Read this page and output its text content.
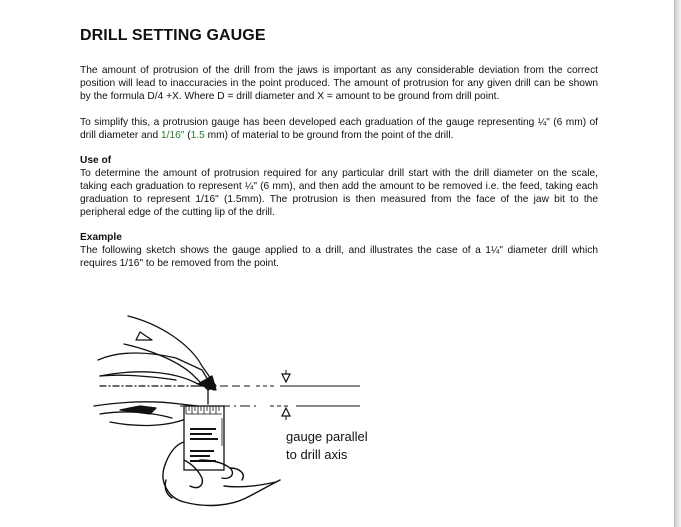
DRILL SETTING GAUGE

The amount of protrusion of the drill from the jaws is important as any considerable deviation from the correct position will lead to inaccuracies in the point produced. The amount of protrusion for any given drill can be shown by the formula D/4 +X. Where D = drill diameter and X = amount to be ground from drill point.

To simplify this, a protrusion gauge has been developed each graduation of the gauge representing ¼" (6 mm) of drill diameter and 1/16" (1.5 mm) of material to be ground from the point of the drill.

Use of

To determine the amount of protrusion required for any particular drill start with the drill diameter on the scale, taking each graduation to represent ¼" (6 mm), and then add the amount to be removed i.e. the feed, taking each graduation to represent 1/16" (1.5mm). The protrusion is then measured from the face of the jaw bit to the peripheral edge of the cutting lip of the drill.

Example

The following sketch shows the gauge applied to a drill, and illustrates the case of a 1¼" diameter drill which requires 1/16" to be removed from the point.

gauge parallel
to drill axis
